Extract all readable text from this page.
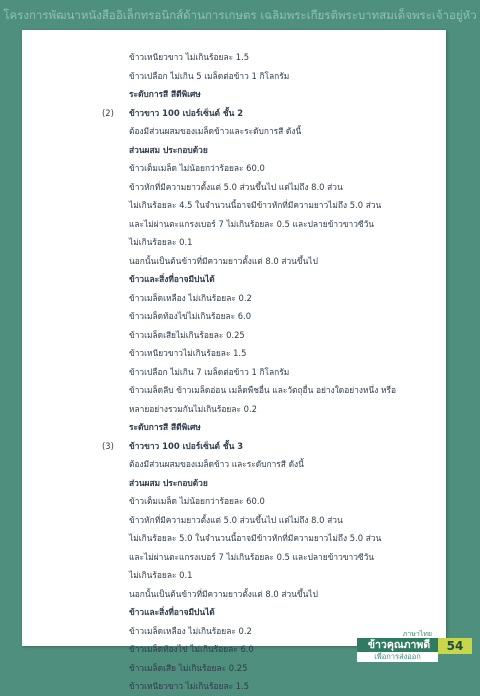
โครงการพัฒนาหนังสืออิเล็กทรอนิกส์ด้านการเกษตร เฉลิมพระเกียรติพระบาทสมเด็จพระเจ้าอยู่หัว
ข้าวเหนียวขาว ไม่เกินร้อยละ 1.5
ข้าวเปลือก ไม่เกิน 5 เมล็ดต่อข้าว 1 กิโลกรัม
ระดับการสี สีดีพิเศษ
(2) ข้าวขาว 100 เปอร์เซ็นต์ ชั้น 2
ต้องมีส่วนผสมของเมล็ดข้าวและระดับการสี ดังนี้
ส่วนผสม ประกอบด้วย
ข้าวเต็มเมล็ด ไม่น้อยกว่าร้อยละ 60.0
ข้าวหักที่มีความยาวตั้งแต่ 5.0 ส่วนขึ้นไป แต่ไม่ถึง 8.0 ส่วน
ไม่เกินร้อยละ 4.5 ในจำนวนนี้อาจมีข้าวหักที่มีความยาวไม่ถึง 5.0 ส่วน
และไม่ผ่านตะแกรงเบอร์ 7 ไม่เกินร้อยละ 0.5 และปลายข้าวขาวซีวัน
ไม่เกินร้อยละ 0.1
นอกนั้นเป็นต้นข้าวที่มีความยาวตั้งแต่ 8.0 ส่วนขึ้นไป
ข้าวและสิ่งที่อาจมีปนได้
ข้าวเมล็ดเหลือง ไม่เกินร้อยละ 0.2
ข้าวเมล็ดท้องไข่ไม่เกินร้อยละ 6.0
ข้าวเมล็ดเสียไม่เกินร้อยละ 0.25
ข้าวเหนียวขาวไม่เกินร้อยละ 1.5
ข้าวเปลือก ไม่เกิน 7 เมล็ดต่อข้าว 1 กิโลกรัม
ข้าวเมล็ดลีบ ข้าวเมล็ดอ่อน เมล็ดพืชอื่น และวัตถุอื่น อย่างใดอย่างหนึ่ง หรือ
หลายอย่างรวมกันไม่เกินร้อยละ 0.2
ระดับการสี สีดีพิเศษ
(3) ข้าวขาว 100 เปอร์เซ็นต์ ชั้น 3
ต้องมีส่วนผสมของเมล็ดข้าว และระดับการสี ดังนี้
ส่วนผสม ประกอบด้วย
ข้าวเต็มเมล็ด ไม่น้อยกว่าร้อยละ 60.0
ข้าวหักที่มีความยาวตั้งแต่ 5.0 ส่วนขึ้นไป แต่ไม่ถึง 8.0 ส่วน
ไม่เกินร้อยละ 5.0 ในจำนวนนี้อาจมีข้าวหักที่มีความยาวไม่ถึง 5.0 ส่วน
และไม่ผ่านตะแกรงเบอร์ 7 ไม่เกินร้อยละ 0.5 และปลายข้าวขาวซีวัน
ไม่เกินร้อยละ 0.1
นอกนั้นเป็นต้นข้าวที่มีความยาวตั้งแต่ 8.0 ส่วนขึ้นไป
ข้าวและสิ่งที่อาจมีปนได้
ข้าวเมล็ดเหลือง ไม่เกินร้อยละ 0.2
ข้าวเมล็ดท้องไข่ ไม่เกินร้อยละ 6.0
ข้าวเมล็ดเสีย ไม่เกินร้อยละ 0.25
ข้าวเหนียวขาว ไม่เกินร้อยละ 1.5
ภาษาไทย
ข้าวคุณภาพดี
เพื่อการส่งออก
54
